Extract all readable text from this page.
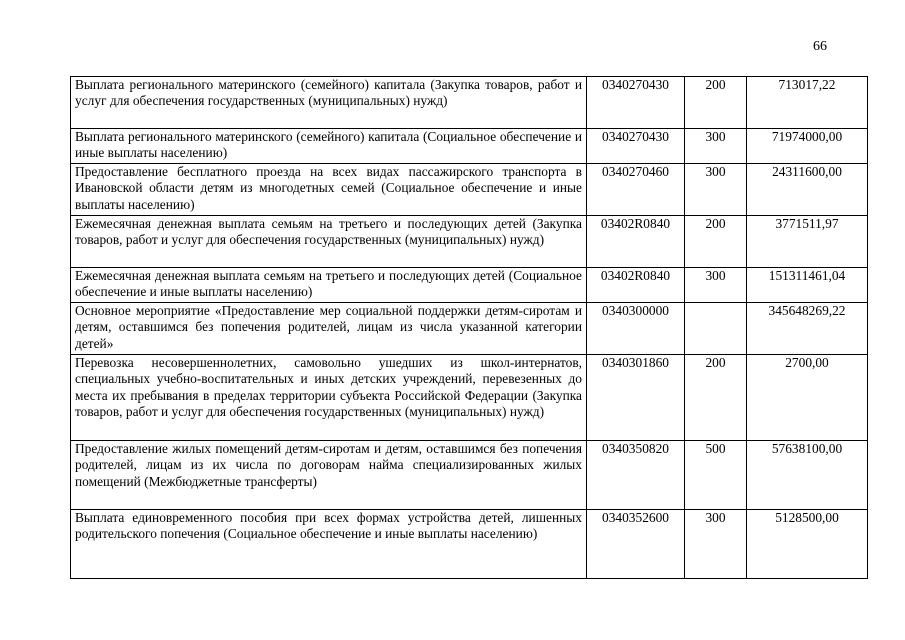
66
Выплата регионального материнского (семейного) капитала (Закупка товаров, работ и услуг для обеспечения государственных (муниципальных) нужд)	0340270430	200	713017,22
Выплата регионального материнского (семейного) капитала (Социальное обеспечение и иные выплаты населению)	0340270430	300	71974000,00
Предоставление бесплатного проезда на всех видах пассажирского транспорта в Ивановской области детям из многодетных семей (Социальное обеспечение и иные выплаты населению)	0340270460	300	24311600,00
Ежемесячная денежная выплата семьям на третьего и последующих детей (Закупка товаров, работ и услуг для обеспечения государственных (муниципальных) нужд)	03402R0840	200	3771511,97
Ежемесячная денежная выплата семьям на третьего и последующих детей (Социальное обеспечение и иные выплаты населению)	03402R0840	300	151311461,04
Основное мероприятие «Предоставление мер социальной поддержки детям-сиротам и детям, оставшимся без попечения родителей, лицам из числа указанной категории детей»	0340300000		345648269,22
Перевозка несовершеннолетних, самовольно ушедших из школ-интернатов, специальных учебно-воспитательных и иных детских учреждений, перевезенных до места их пребывания в пределах территории субъекта Российской Федерации (Закупка товаров, работ и услуг для обеспечения государственных (муниципальных) нужд)	0340301860	200	2700,00
Предоставление жилых помещений детям-сиротам и детям, оставшимся без попечения родителей, лицам из их числа по договорам найма специализированных жилых помещений (Межбюджетные трансферты)	0340350820	500	57638100,00
Выплата единовременного пособия при всех формах устройства детей, лишенных родительского попечения (Социальное обеспечение и иные выплаты населению)	0340352600	300	5128500,00
